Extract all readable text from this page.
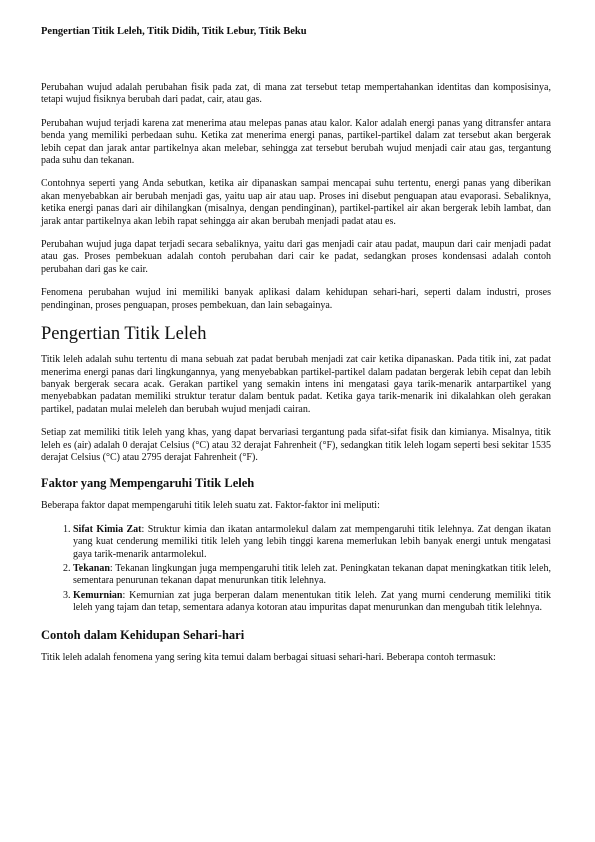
Pengertian Titik Leleh, Titik Didih, Titik Lebur, Titik Beku

Perubahan wujud adalah perubahan fisik pada zat, di mana zat tersebut tetap mempertahankan identitas dan komposisinya, tetapi wujud fisiknya berubah dari padat, cair, atau gas.

Perubahan wujud terjadi karena zat menerima atau melepas panas atau kalor. Kalor adalah energi panas yang ditransfer antara benda yang memiliki perbedaan suhu. Ketika zat menerima energi panas, partikel-partikel dalam zat tersebut akan bergerak lebih cepat dan jarak antar partikelnya akan melebar, sehingga zat tersebut berubah wujud menjadi cair atau gas, tergantung pada suhu dan tekanan.

Contohnya seperti yang Anda sebutkan, ketika air dipanaskan sampai mencapai suhu tertentu, energi panas yang diberikan akan menyebabkan air berubah menjadi gas, yaitu uap air atau uap. Proses ini disebut penguapan atau evaporasi. Sebaliknya, ketika energi panas dari air dihilangkan (misalnya, dengan pendinginan), partikel-partikel air akan bergerak lebih lambat, dan jarak antar partikelnya akan lebih rapat sehingga air akan berubah menjadi padat atau es.

Perubahan wujud juga dapat terjadi secara sebaliknya, yaitu dari gas menjadi cair atau padat, maupun dari cair menjadi padat atau gas. Proses pembekuan adalah contoh perubahan dari cair ke padat, sedangkan proses kondensasi adalah contoh perubahan dari gas ke cair.

Fenomena perubahan wujud ini memiliki banyak aplikasi dalam kehidupan sehari-hari, seperti dalam industri, proses pendinginan, proses penguapan, proses pembekuan, dan lain sebagainya.

Pengertian Titik Leleh

Titik leleh adalah suhu tertentu di mana sebuah zat padat berubah menjadi zat cair ketika dipanaskan. Pada titik ini, zat padat menerima energi panas dari lingkungannya, yang menyebabkan partikel-partikel dalam padatan bergerak lebih cepat dan lebih banyak bergerak secara acak. Gerakan partikel yang semakin intens ini mengatasi gaya tarik-menarik antarpartikel yang menyebabkan padatan memiliki struktur teratur dalam bentuk padat. Ketika gaya tarik-menarik ini dikalahkan oleh gerakan partikel, padatan mulai meleleh dan berubah wujud menjadi cairan.

Setiap zat memiliki titik leleh yang khas, yang dapat bervariasi tergantung pada sifat-sifat fisik dan kimianya. Misalnya, titik leleh es (air) adalah 0 derajat Celsius (°C) atau 32 derajat Fahrenheit (°F), sedangkan titik leleh logam seperti besi sekitar 1535 derajat Celsius (°C) atau 2795 derajat Fahrenheit (°F).

Faktor yang Mempengaruhi Titik Leleh

Beberapa faktor dapat mempengaruhi titik leleh suatu zat. Faktor-faktor ini meliputi:

1. Sifat Kimia Zat: Struktur kimia dan ikatan antarmolekul dalam zat mempengaruhi titik lelehnya. Zat dengan ikatan yang kuat cenderung memiliki titik leleh yang lebih tinggi karena memerlukan lebih banyak energi untuk mengatasi gaya tarik-menarik antarmolekul.
2. Tekanan: Tekanan lingkungan juga mempengaruhi titik leleh zat. Peningkatan tekanan dapat meningkatkan titik leleh, sementara penurunan tekanan dapat menurunkan titik lelehnya.
3. Kemurnian: Kemurnian zat juga berperan dalam menentukan titik leleh. Zat yang murni cenderung memiliki titik leleh yang tajam dan tetap, sementara adanya kotoran atau impuritas dapat menurunkan dan mengubah titik lelehnya.
Contoh dalam Kehidupan Sehari-hari

Titik leleh adalah fenomena yang sering kita temui dalam berbagai situasi sehari-hari. Beberapa contoh termasuk:
